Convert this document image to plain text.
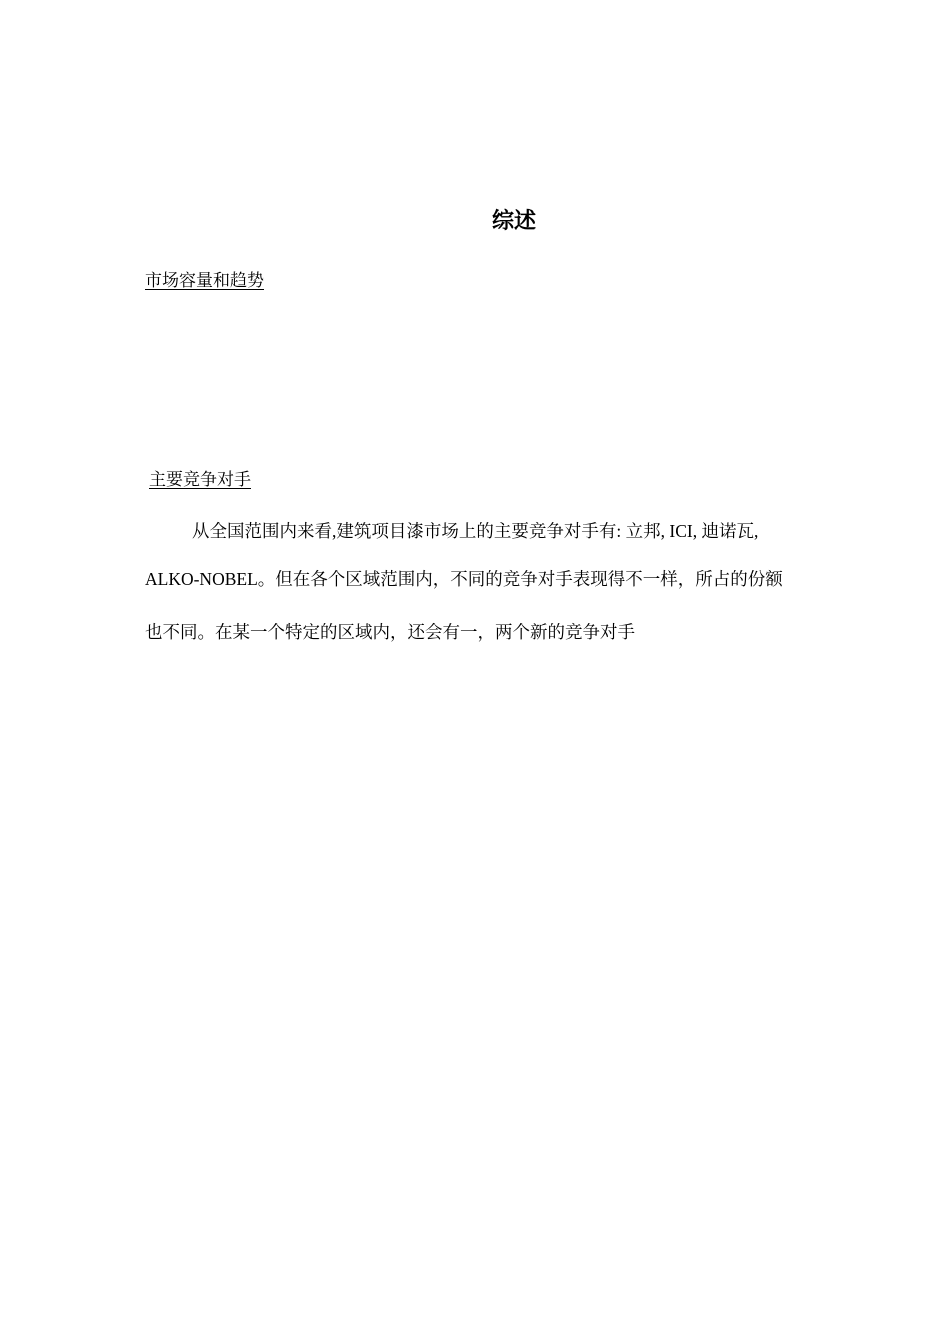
综述
市场容量和趋势
主要竞争对手

从全国范围内来看,建筑项目漆市场上的主要竞争对手有: 立邦, ICI, 迪诺瓦,

ALKO-NOBEL。但在各个区域范围内，不同的竞争对手表现得不一样，所占的份额

也不同。在某一个特定的区域内，还会有一，两个新的竞争对手
